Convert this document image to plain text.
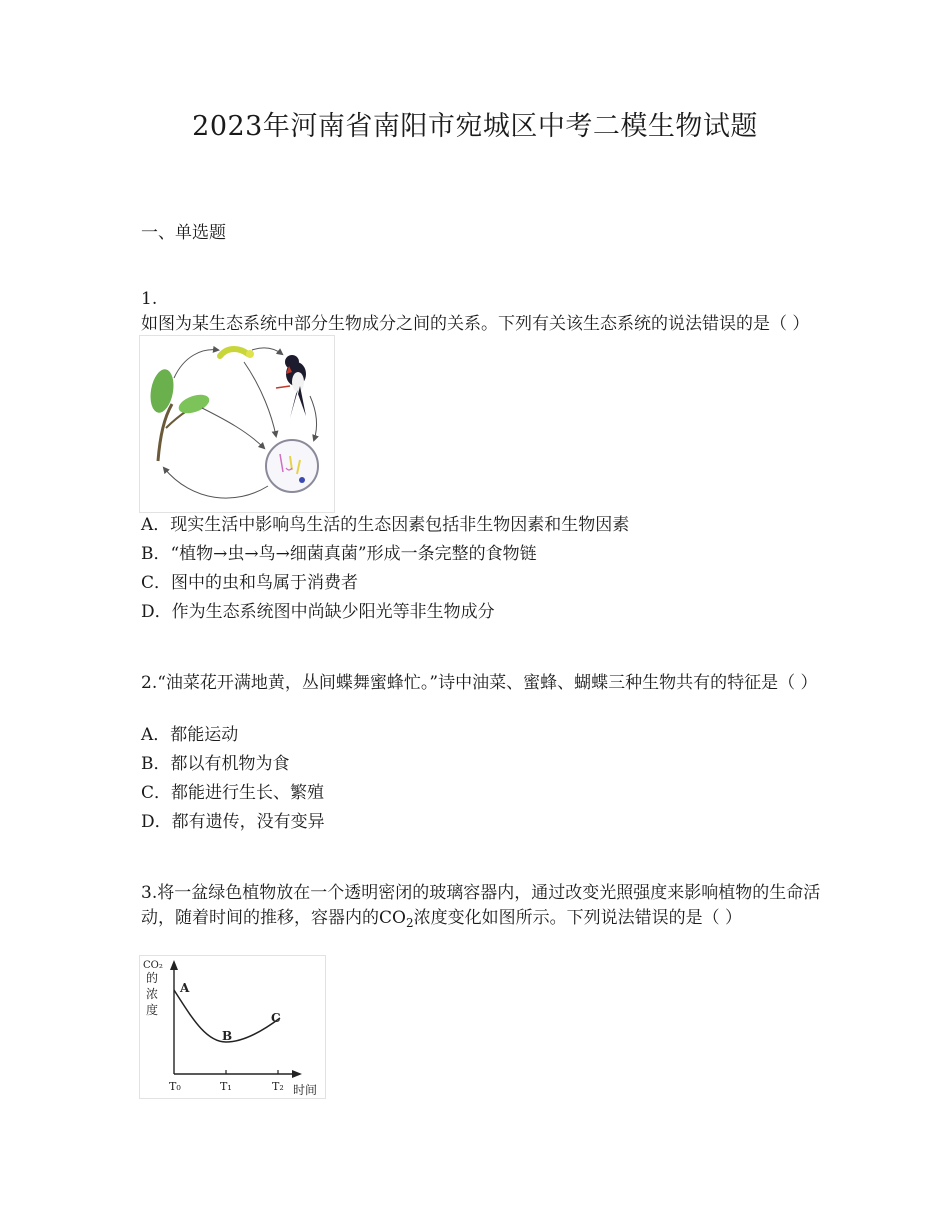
2023年河南省南阳市宛城区中考二模生物试题
一、单选题
1.如图为某生态系统中部分生物成分之间的关系。下列有关该生态系统的说法错误的是（ ）
A．现实生活中影响鸟生活的生态因素包括非生物因素和生物因素
B．“植物→虫→鸟→细菌真菌”形成一条完整的食物链
C．图中的虫和鸟属于消费者
D．作为生态系统图中尚缺少阳光等非生物成分
2.“油菜花开满地黄，丛间蝶舞蜜蜂忙。”诗中油菜、蜜蜂、蝴蝶三种生物共有的特征是（ ）
A．都能运动
B．都以有机物为食
C．都能进行生长、繁殖
D．都有遗传，没有变异
3.将一盆绿色植物放在一个透明密闭的玻璃容器内，通过改变光照强度来影响植物的生命活动，随着时间的推移，容器内的$CO_2$浓度变化如图所示。下列说法错误的是（ ）
CO₂
的
浓
度
A
B
C
T₀	T₁	T₂ 时间
